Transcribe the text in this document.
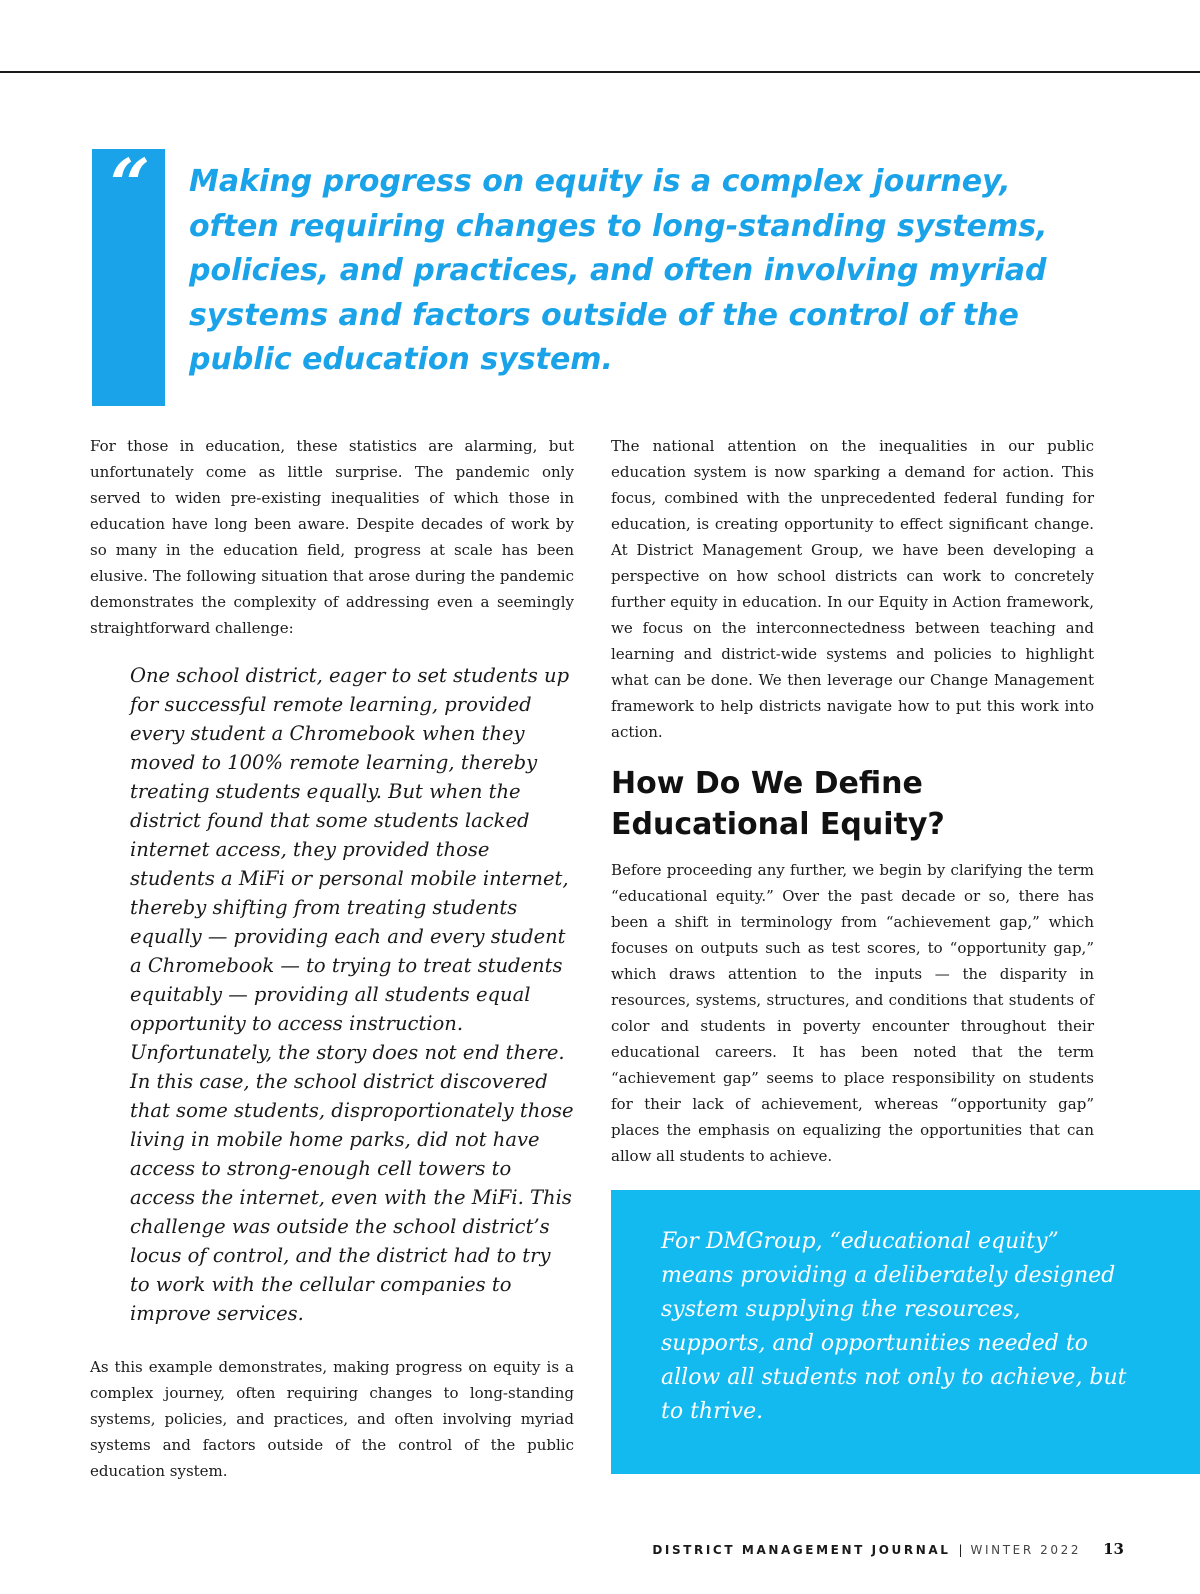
“	Making progress on equity is a complex journey, often requiring changes to long-standing systems, policies, and practices, and often involving myriad systems and factors outside of the control of the public education system.

For those in education, these statistics are alarming, but unfortunately come as little surprise. The pandemic only served to widen pre-existing inequalities of which those in education have long been aware. Despite decades of work by so many in the education field, progress at scale has been elusive. The following situation that arose during the pandemic demonstrates the complexity of addressing even a seemingly straightforward challenge:

One school district, eager to set students up for successful remote learning, provided every student a Chromebook when they moved to 100% remote learning, thereby treating students equally. But when the district found that some students lacked internet access, they provided those students a MiFi or personal mobile internet, thereby shifting from treating students equally — providing each and every student a Chromebook — to trying to treat students equitably — providing all students equal opportunity to access instruction. Unfortunately, the story does not end there. In this case, the school district discovered that some students, disproportionately those living in mobile home parks, did not have access to strong-enough cell towers to access the internet, even with the MiFi. This challenge was outside the school district’s locus of control, and the district had to try to work with the cellular companies to improve services.

As this example demonstrates, making progress on equity is a complex journey, often requiring changes to long-standing systems, policies, and practices, and often involving myriad systems and factors outside of the control of the public education system.

The national attention on the inequalities in our public education system is now sparking a demand for action. This focus, combined with the unprecedented federal funding for education, is creating opportunity to effect significant change. At District Management Group, we have been developing a perspective on how school districts can work to concretely further equity in education. In our Equity in Action framework, we focus on the interconnectedness between teaching and learning and district-wide systems and policies to highlight what can be done. We then leverage our Change Management framework to help districts navigate how to put this work into action.

How Do We Define Educational Equity?

Before proceeding any further, we begin by clarifying the term “educational equity.” Over the past decade or so, there has been a shift in terminology from “achievement gap,” which focuses on outputs such as test scores, to “opportunity gap,” which draws attention to the inputs — the disparity in resources, systems, structures, and conditions that students of color and students in poverty encounter throughout their educational careers. It has been noted that the term “achievement gap” seems to place responsibility on students for their lack of achievement, whereas “opportunity gap” places the emphasis on equalizing the opportunities that can allow all students to achieve.

For DMGroup, “educational equity” means providing a deliberately designed system supplying the resources, supports, and opportunities needed to allow all students not only to achieve, but to thrive.

DISTRICT MANAGEMENT JOURNAL | WINTER 2022 13
